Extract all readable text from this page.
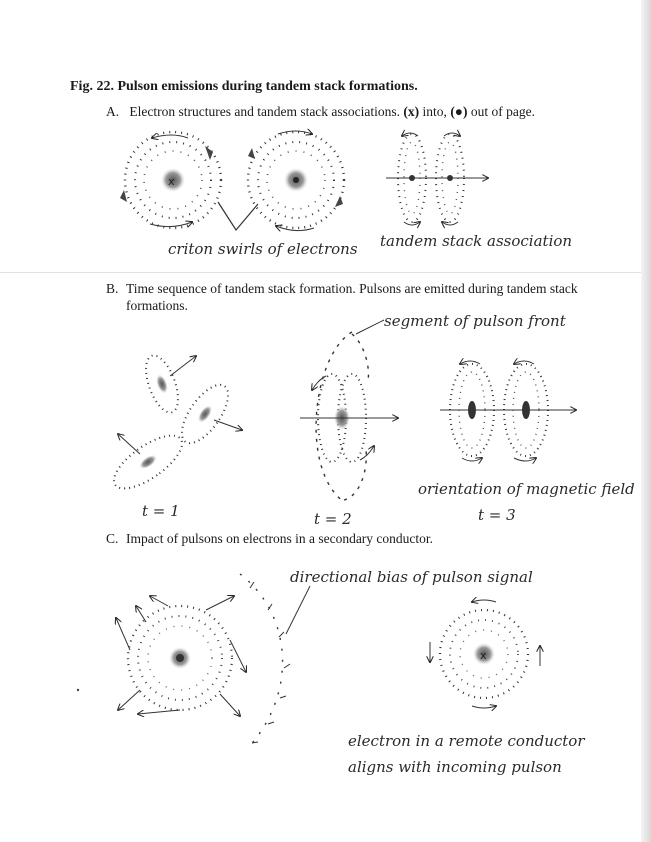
Fig. 22. Pulson emissions during tandem stack formations.
A. Electron structures and tandem stack associations. (x) into, (●) out of page.
criton swirls of electrons tandem stack association
B. Time sequence of tandem stack formation. Pulsons are emitted during tandem stack
formations.
segment of pulson front
orientation of magnetic field
t = 1	t = 2	t = 3
C. Impact of pulsons on electrons in a secondary conductor.
directional bias of pulson signal
electron in a remote conductor
aligns with incoming pulson
x
x
